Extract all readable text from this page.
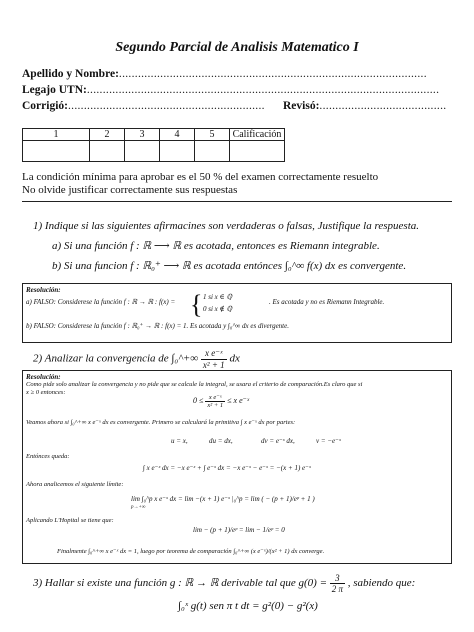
Segundo Parcial de Analisis Matematico I
Apellido y Nombre:.................................................................................................
Legajo UTN:...............................................................................................................
Corrigió:.............................................................. Revisó:........................................
1	2	3	4	5	Calificación

La condición mínima para aprobar es el 50 % del examen correctamente resuelto
No olvide justificar correctamente sus respuestas
1) Indique si las siguientes afirmacines son verdaderas o falsas, Justifique la respuesta.
a) Si una función f : ℝ ⟶ ℝ es acotada, entonces es Riemann integrable.
b) Si una funcion f : ℝ₀⁺ ⟶ ℝ es acotada entónces ∫₀^∞ f(x) dx es convergente.
Resolución:
a) FALSO: Considerese la función f : ℝ → ℝ : f(x) = { 1 si x ∈ ℚ
0 si x ∉ ℚ
. Es acotada y no es Riemann Integrable.
b) FALSO: Considerese la función f : ℝ₀⁺ → ℝ : f(x) = 1. Es acotada y ∫₀^∞ dx es divergente.
2) Analizar la convergencia de ∫₀^+∞ $\frac{\text{x e⁻ˣ}}{\text{x² + 1}}$ dx
Resolución:
Como pide solo analizar la convergencia y no pide que se calcule la integral, se usara el criterio de comparación.Es claro que si
x ≥ 0 entonces:
$0 \le \frac{\text{x e⁻ˣ}}{\text{x² + 1}} \le x$ e⁻ˣ
Veamos ahora si ∫₀^+∞ x e⁻ˣ dx es convergente. Primero se calculará la primitiva ∫ x e⁻ˣ dx por partes:
u = x,	du = dx,	dv = e⁻ˣ dx,	v = −e⁻ˣ
Entónces queda:
∫ x e⁻ˣ dx = −x e⁻ˣ + ∫ e⁻ˣ dx = −x e⁻ˣ − e⁻ˣ = −(x + 1) e⁻ˣ
Ahora analicemos el siguiente límite:
lim ∫₀^p x e⁻ˣ dx = lim −(x + 1) e⁻ˣ |₀^p = lim ( − (p + 1)/eᵖ + 1 )
p→+∞
Aplicando L'Hopital se tiene que:
lim − (p + 1)/eᵖ = lim − 1/eᵖ = 0
Finalmente ∫₀^+∞ x e⁻ˣ dx = 1, luego por teorema de comparación ∫₀^+∞ (x e⁻ˣ)/(x² + 1) dx converge.
3) Hallar si existe una función g : ℝ → ℝ derivable tal que $g(0) = \frac{3}{2 \pi}$ , sabiendo que:
∫₀ˣ g(t) sen π t dt = g²(0) − g²(x)
